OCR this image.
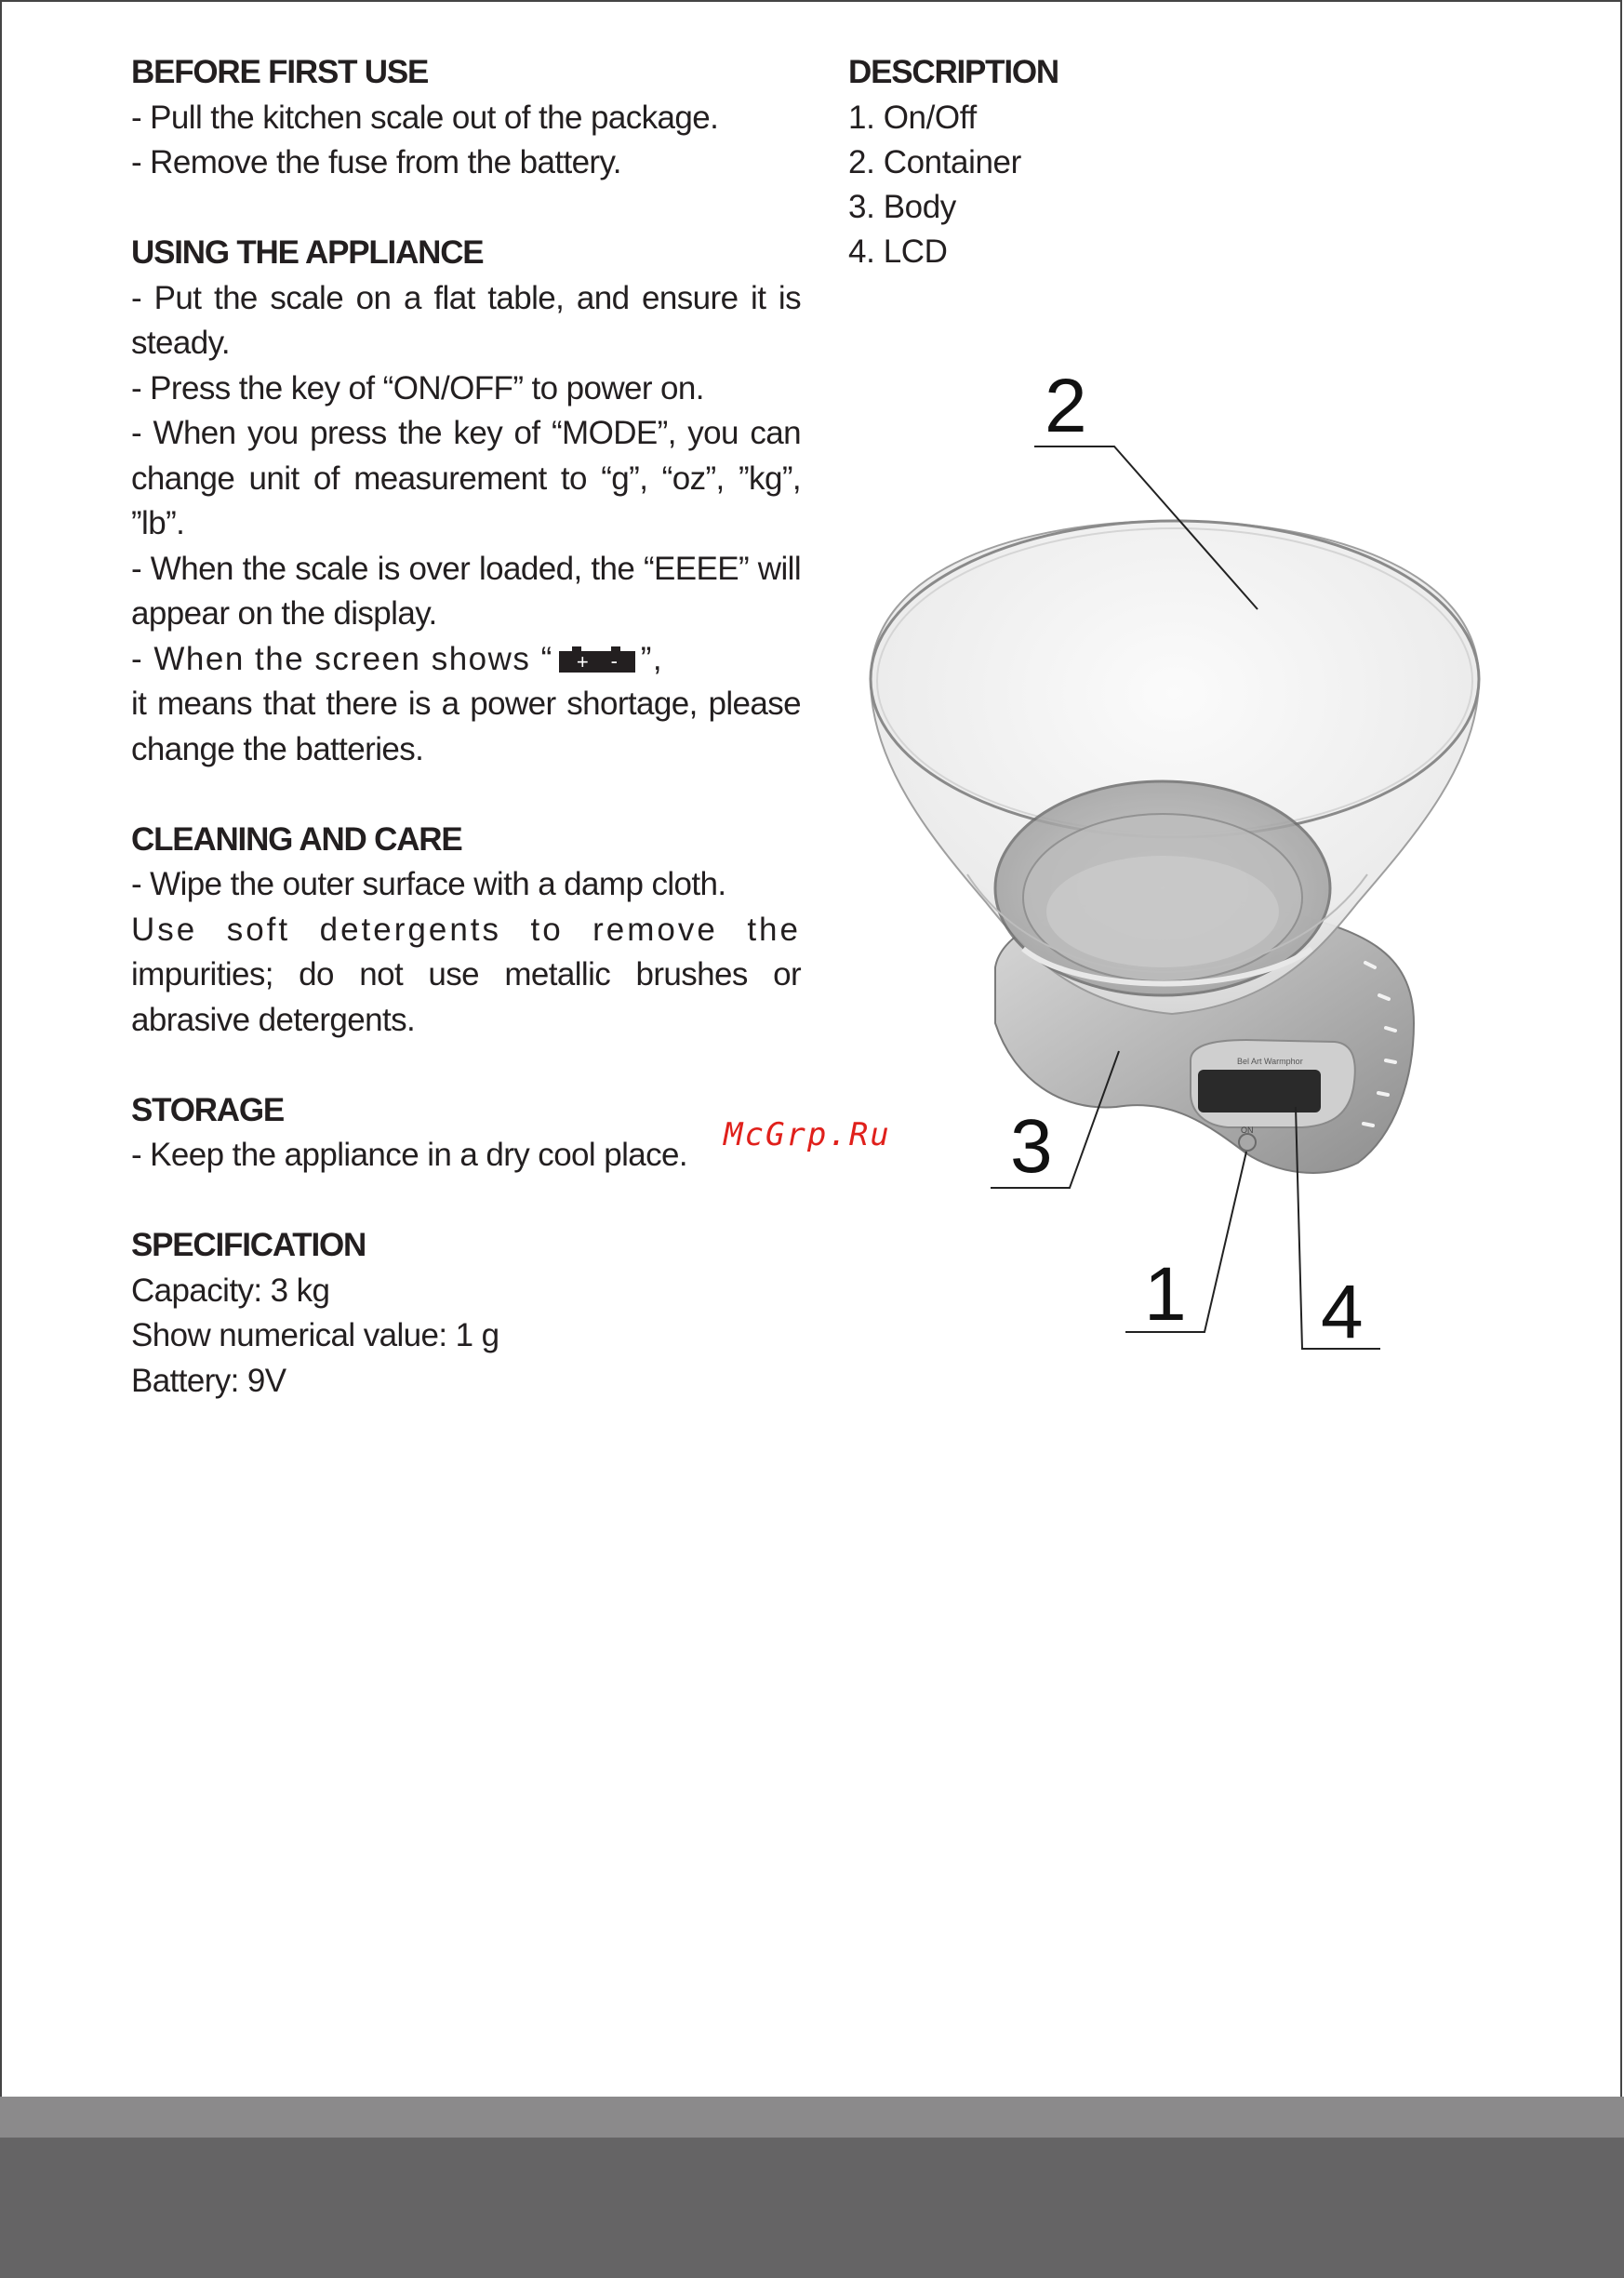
BEFORE FIRST USE

- Pull the kitchen scale out of the package.

- Remove the fuse from the battery.

USING THE APPLIANCE

- Put the scale on a flat table, and ensure it is steady.

- Press the key of “ON/OFF” to power on.

- When you press the key of “MODE”, you can change unit of measurement to “g”, “oz”, ”kg”, ”lb”.

- When the scale is over loaded, the “EEEE” will appear on the display.

- When the screen shows “ + - ”,

it means that there is a power shortage, please change the batteries.

CLEANING AND CARE

- Wipe the outer surface with a damp cloth.

Use soft detergents to remove the

impurities; do not use metallic brushes or abrasive detergents.

STORAGE

- Keep the appliance in a dry cool place.

SPECIFICATION

Capacity: 3 kg

Show numerical value: 1 g

Battery: 9V

DESCRIPTION

1. On/Off

2. Container

3. Body

4. LCD

McGrp.Ru
Bel Art Warmphor
ON
2
3
1 4
